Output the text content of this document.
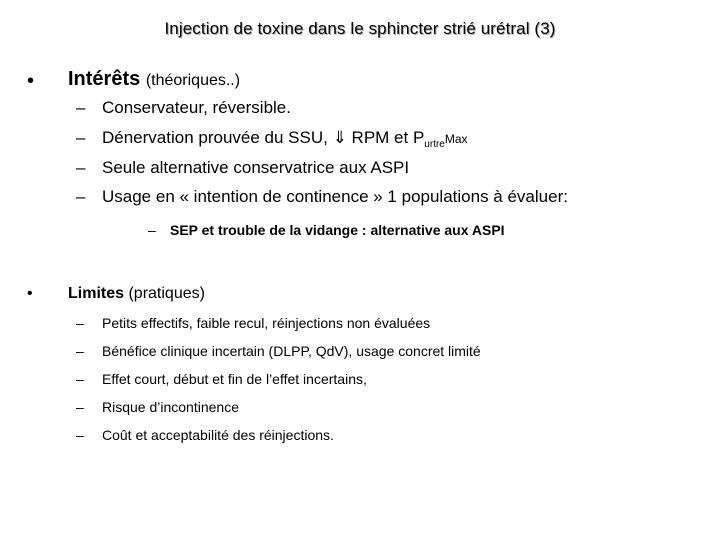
Injection de toxine dans le sphincter strié urétral (3)
• Intérêts (théoriques..)
– Conservateur, réversible.
– Dénervation prouvée du SSU, ⇓ RPM et $P_{urtre}Max$
– Seule alternative conservatrice aux ASPI
– Usage en « intention de continence » 1 populations à évaluer:
– SEP et trouble de la vidange : alternative aux ASPI
• Limites (pratiques)
– Petits effectifs, faible recul, réinjections non évaluées
– Bénéfice clinique incertain (DLPP, QdV), usage concret limité
– Effet court, début et fin de l’effet incertains,
– Risque d’incontinence
– Coût et acceptabilité des réinjections.
